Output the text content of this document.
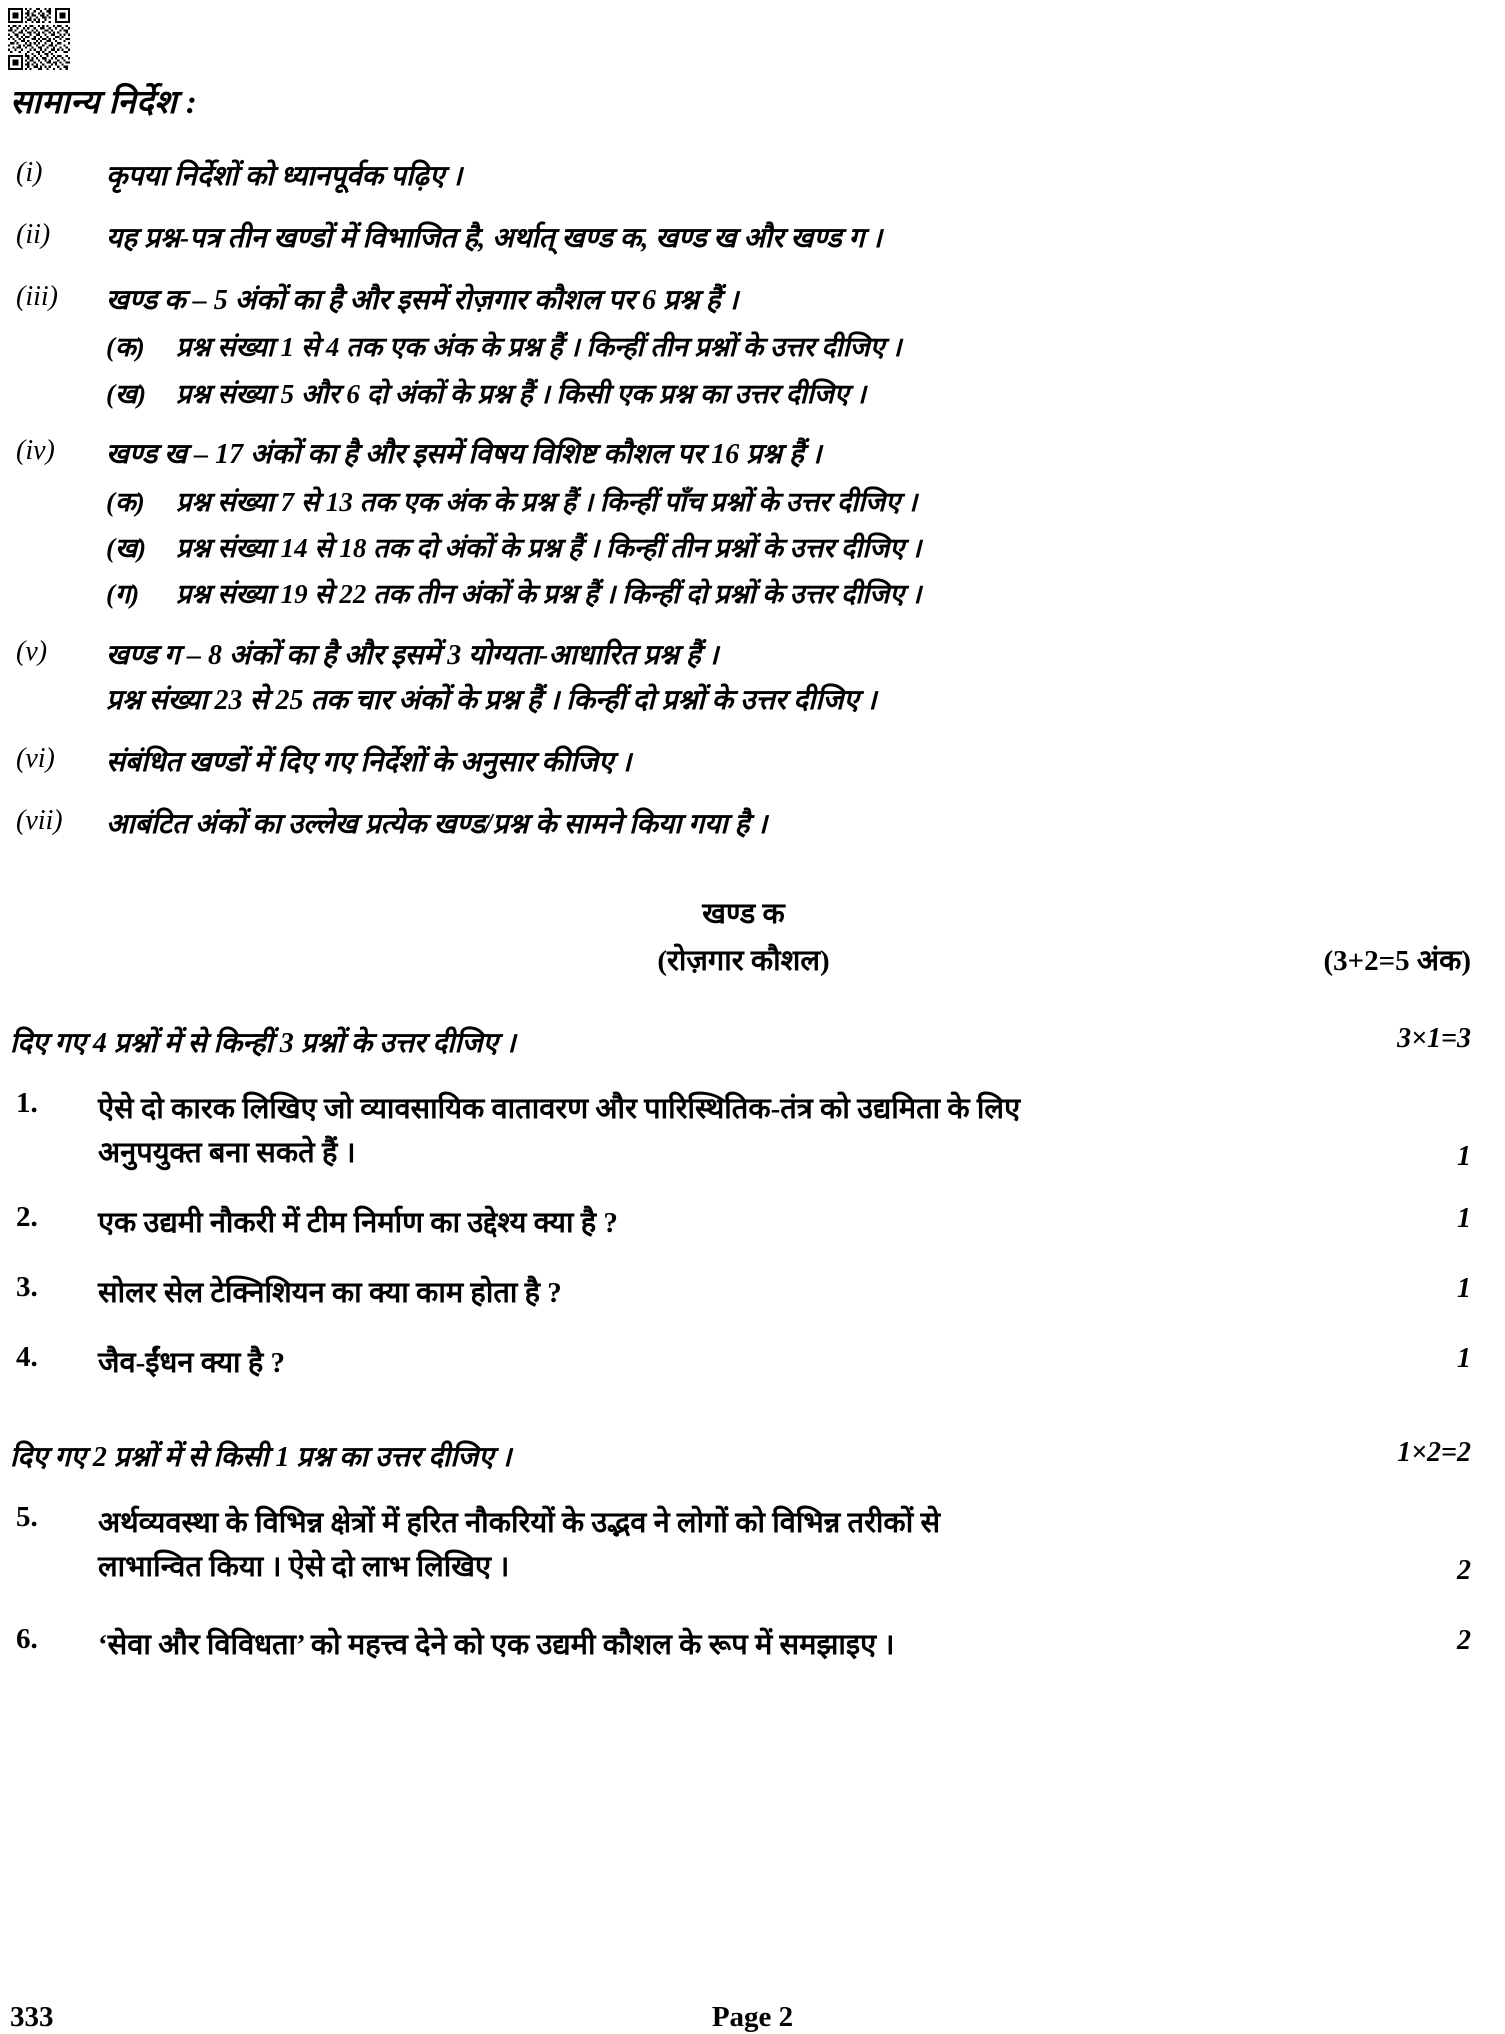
सामान्य निर्देश :
(i)	कृपया निर्देशों को ध्यानपूर्वक पढ़िए ।
(ii)	यह प्रश्न-पत्र तीन खण्डों में विभाजित है, अर्थात् खण्ड क, खण्ड ख और खण्ड ग ।
(iii)	खण्ड क – 5 अंकों का है और इसमें रोज़गार कौशल पर 6 प्रश्न हैं ।
(क)	प्रश्न संख्या 1 से 4 तक एक अंक के प्रश्न हैं । किन्हीं तीन प्रश्नों के उत्तर दीजिए ।
(ख)	प्रश्न संख्या 5 और 6 दो अंकों के प्रश्न हैं । किसी एक प्रश्न का उत्तर दीजिए ।
(iv)	खण्ड ख – 17 अंकों का है और इसमें विषय विशिष्ट कौशल पर 16 प्रश्न हैं ।
(क)	प्रश्न संख्या 7 से 13 तक एक अंक के प्रश्न हैं । किन्हीं पाँच प्रश्नों के उत्तर दीजिए ।
(ख)	प्रश्न संख्या 14 से 18 तक दो अंकों के प्रश्न हैं । किन्हीं तीन प्रश्नों के उत्तर दीजिए ।
(ग)	प्रश्न संख्या 19 से 22 तक तीन अंकों के प्रश्न हैं । किन्हीं दो प्रश्नों के उत्तर दीजिए ।
(v)	खण्ड ग – 8 अंकों का है और इसमें 3 योग्यता-आधारित प्रश्न हैं ।
प्रश्न संख्या 23 से 25 तक चार अंकों के प्रश्न हैं । किन्हीं दो प्रश्नों के उत्तर दीजिए ।
(vi)	संबंधित खण्डों में दिए गए निर्देशों के अनुसार कीजिए ।
(vii)	आबंटित अंकों का उल्लेख प्रत्येक खण्ड/प्रश्न के सामने किया गया है ।
खण्ड क
(रोज़गार कौशल)	(3+2=5 अंक)
दिए गए 4 प्रश्नों में से किन्हीं 3 प्रश्नों के उत्तर दीजिए ।	3×1=3
1.	ऐसे दो कारक लिखिए जो व्यावसायिक वातावरण और पारिस्थितिक-तंत्र को उद्यमिता के लिए
अनुपयुक्त बना सकते हैं ।	1
2.	एक उद्यमी नौकरी में टीम निर्माण का उद्देश्य क्या है ?	1
3.	सोलर सेल टेक्निशियन का क्या काम होता है ?	1
4.	जैव-ईंधन क्या है ?	1
दिए गए 2 प्रश्नों में से किसी 1 प्रश्न का उत्तर दीजिए ।	1×2=2
5.	अर्थव्यवस्था के विभिन्न क्षेत्रों में हरित नौकरियों के उद्भव ने लोगों को विभिन्न तरीकों से
लाभान्वित किया । ऐसे दो लाभ लिखिए ।	2
6.	‘सेवा और विविधता’ को महत्त्व देने को एक उद्यमी कौशल के रूप में समझाइए ।	2
333	Page 2
